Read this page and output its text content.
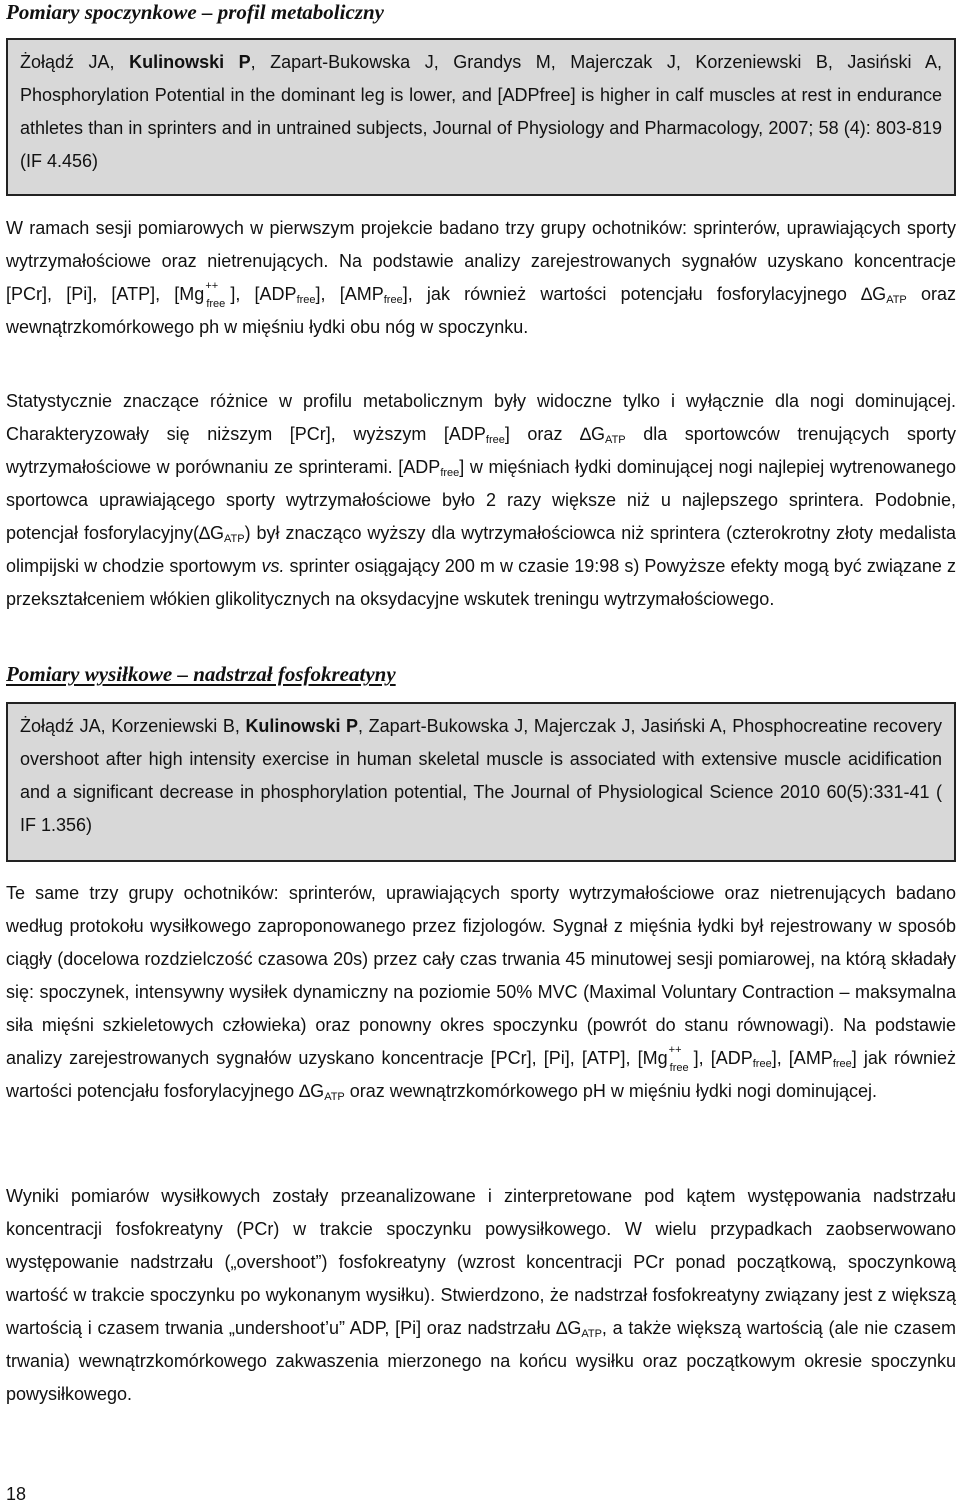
Pomiary spoczynkowe – profil metaboliczny
Żołądź JA, Kulinowski P, Zapart-Bukowska J, Grandys M, Majerczak J, Korzeniewski B, Jasiński A, Phosphorylation Potential in the dominant leg is lower, and [ADPfree] is higher in calf muscles at rest in endurance athletes than in sprinters and in untrained subjects, Journal of Physiology and Pharmacology, 2007; 58 (4): 803-819 (IF 4.456)

W ramach sesji pomiarowych w pierwszym projekcie badano trzy grupy ochotników: sprinterów, uprawiających sporty wytrzymałościowe oraz nietrenujących. Na podstawie analizy zarejestrowanych sygnałów uzyskano koncentracje [PCr], [Pi], [ATP], [Mg ++
free ], $[ADP_{free}]$, $[AMP_{free}]$, jak również wartości potencjału fosforylacyjnego $\Delta G_{ATP}$ oraz wewnątrzkomórkowego ph w mięśniu łydki obu nóg w spoczynku.

Statystycznie znaczące różnice w profilu metabolicznym były widoczne tylko i wyłącznie dla nogi dominującej. Charakteryzowały się niższym [PCr], wyższym $[ADP_{free}]$ oraz $\Delta G_{ATP}$ dla sportowców trenujących sporty wytrzymałościowe w porównaniu ze sprinterami. $[ADP_{free}]$ w mięśniach łydki dominującej nogi najlepiej wytrenowanego sportowca uprawiającego sporty wytrzymałościowe było 2 razy większe niż u najlepszego sprintera. Podobnie, potencjał $fosforylacyjny(\Delta G_{ATP})$ był znacząco wyższy dla wytrzymałościowca niż sprintera (czterokrotny złoty medalista olimpijski w chodzie sportowym vs. sprinter osiągający 200 m w czasie 19:98 s) Powyższe efekty mogą być związane z przekształceniem włókien glikolitycznych na oksydacyjne wskutek treningu wytrzymałościowego.

Pomiary wysiłkowe – nadstrzał fosfokreatyny
Żołądź JA, Korzeniewski B, Kulinowski P, Zapart-Bukowska J, Majerczak J, Jasiński A, Phosphocreatine recovery overshoot after high intensity exercise in human skeletal muscle is associated with extensive muscle acidification and a significant decrease in phosphorylation potential, The Journal of Physiological Science 2010 60(5):331-41 ( IF 1.356)

Te same trzy grupy ochotników: sprinterów, uprawiających sporty wytrzymałościowe oraz nietrenujących badano według protokołu wysiłkowego zaproponowanego przez fizjologów. Sygnał z mięśnia łydki był rejestrowany w sposób ciągły (docelowa rozdzielczość czasowa 20s) przez cały czas trwania 45 minutowej sesji pomiarowej, na którą składały się: spoczynek, intensywny wysiłek dynamiczny na poziomie 50% MVC (Maximal Voluntary Contraction – maksymalna siła mięśni szkieletowych człowieka) oraz ponowny okres spoczynku (powrót do stanu równowagi). Na podstawie analizy zarejestrowanych sygnałów uzyskano koncentracje [PCr], [Pi], [ATP], [Mg ++
free ], $[ADP_{free}]$, $[AMP_{free}]$ jak również wartości potencjału fosforylacyjnego $\Delta G_{ATP}$ oraz wewnątrzkomórkowego pH w mięśniu łydki nogi dominującej.

Wyniki pomiarów wysiłkowych zostały przeanalizowane i zinterpretowane pod kątem występowania nadstrzału koncentracji fosfokreatyny (PCr) w trakcie spoczynku powysiłkowego. W wielu przypadkach zaobserwowano występowanie nadstrzału („overshoot”) fosfokreatyny (wzrost koncentracji PCr ponad początkową, spoczynkową wartość w trakcie spoczynku po wykonanym wysiłku). Stwierdzono, że nadstrzał fosfokreatyny związany jest z większą wartością i czasem trwania „undershoot’u” ADP, [Pi] oraz nadstrzału $\Delta G_{ATP}$, a także większą wartością (ale nie czasem trwania) wewnątrzkomórkowego zakwaszenia mierzonego na końcu wysiłku oraz początkowym okresie spoczynku powysiłkowego.

18
